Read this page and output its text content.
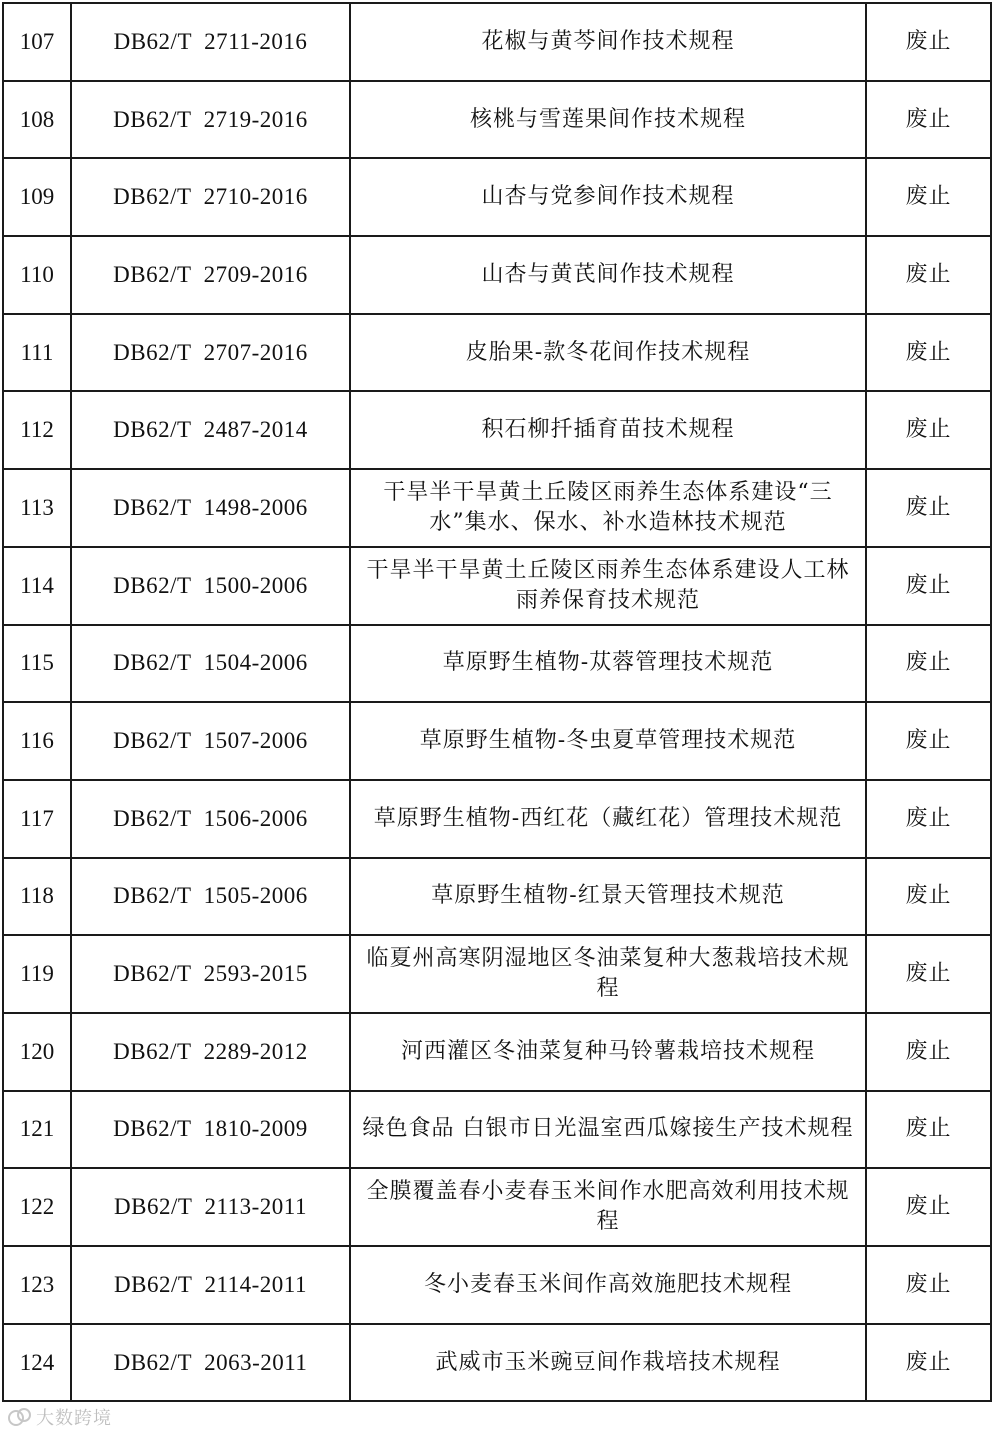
107	DB62/T  2711-2016	花椒与黄芩间作技术规程	废止
108	DB62/T  2719-2016	核桃与雪莲果间作技术规程	废止
109	DB62/T  2710-2016	山杏与党参间作技术规程	废止
110	DB62/T  2709-2016	山杏与黄芪间作技术规程	废止
111	DB62/T  2707-2016	皮胎果-款冬花间作技术规程	废止
112	DB62/T  2487-2014	积石柳扦插育苗技术规程	废止
113	DB62/T  1498-2006	干旱半干旱黄土丘陵区雨养生态体系建设“三水”集水、保水、补水造林技术规范	废止
114	DB62/T  1500-2006	干旱半干旱黄土丘陵区雨养生态体系建设人工林雨养保育技术规范	废止
115	DB62/T  1504-2006	草原野生植物-苁蓉管理技术规范	废止
116	DB62/T  1507-2006	草原野生植物-冬虫夏草管理技术规范	废止
117	DB62/T  1506-2006	草原野生植物-西红花（藏红花）管理技术规范	废止
118	DB62/T  1505-2006	草原野生植物-红景天管理技术规范	废止
119	DB62/T  2593-2015	临夏州高寒阴湿地区冬油菜复种大葱栽培技术规程	废止
120	DB62/T  2289-2012	河西灌区冬油菜复种马铃薯栽培技术规程	废止
121	DB62/T  1810-2009	绿色食品 白银市日光温室西瓜嫁接生产技术规程	废止
122	DB62/T  2113-2011	全膜覆盖春小麦春玉米间作水肥高效利用技术规程	废止
123	DB62/T  2114-2011	冬小麦春玉米间作高效施肥技术规程	废止
124	DB62/T  2063-2011	武威市玉米豌豆间作栽培技术规程	废止
大数跨境
